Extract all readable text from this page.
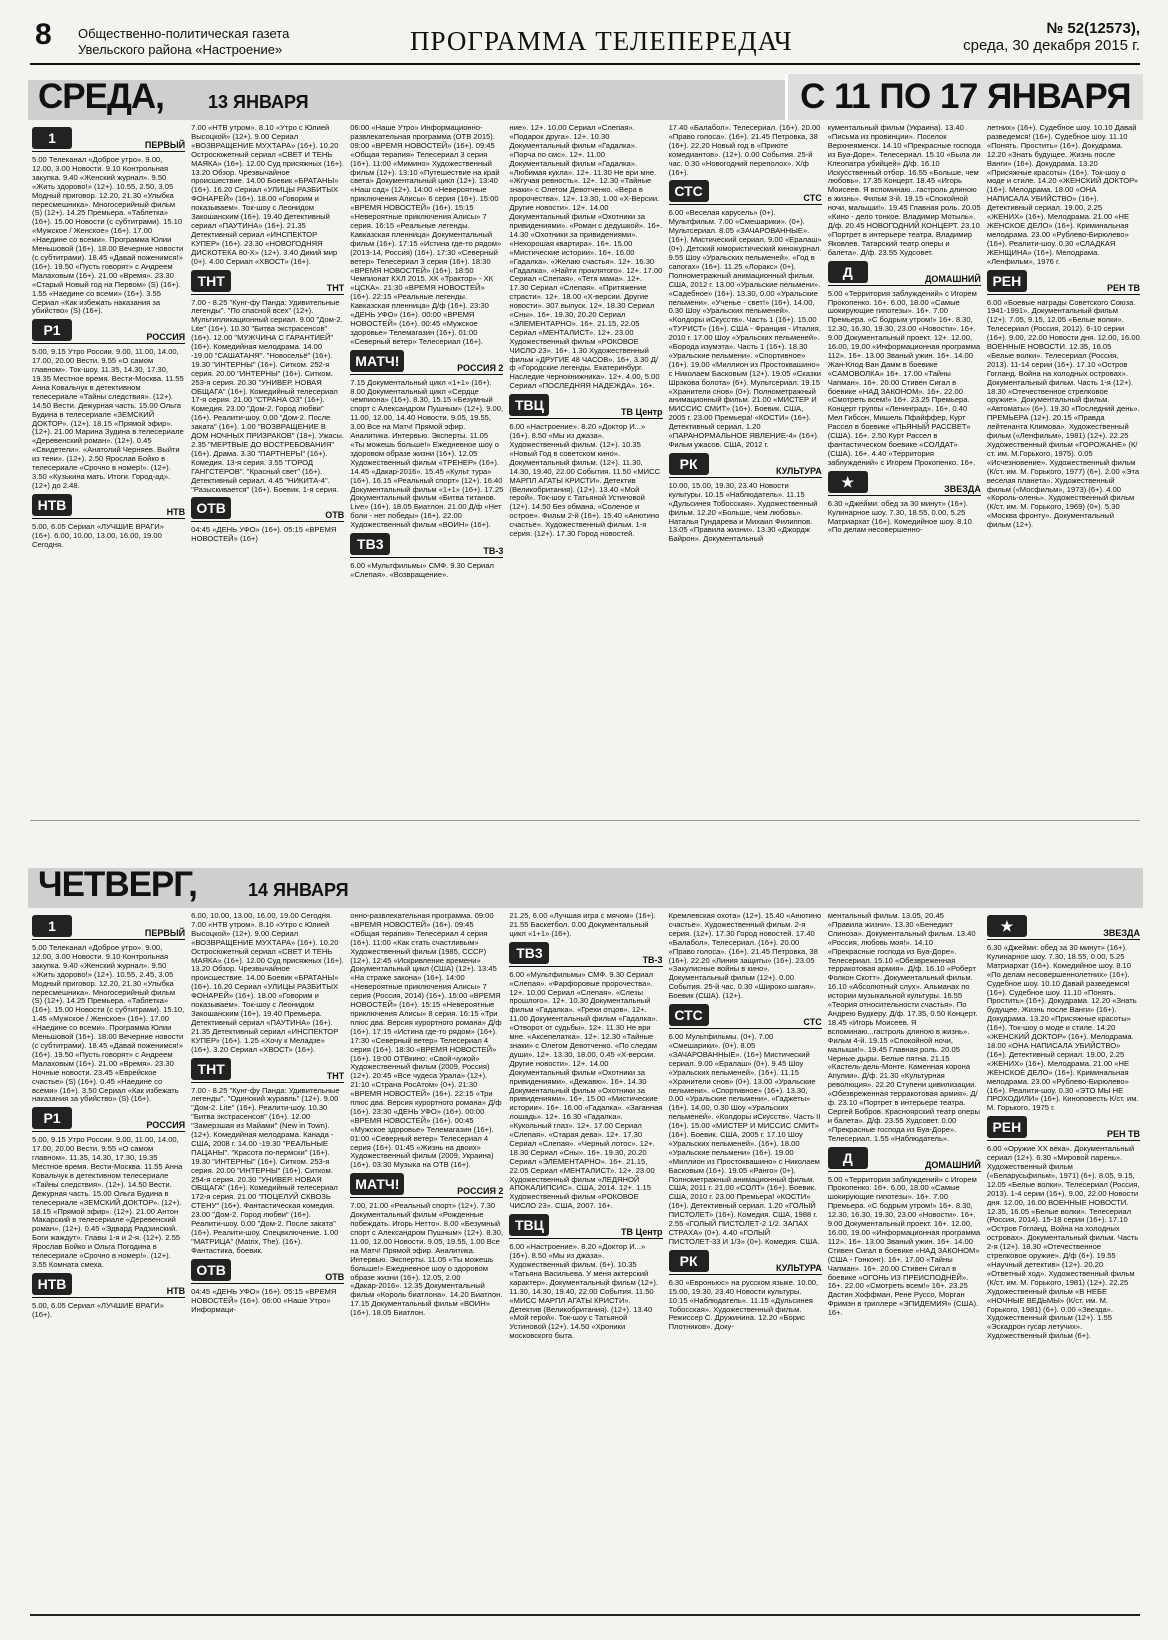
8 Общественно-политическая газета
Увельского района «Настроение»	ПРОГРАММА ТЕЛЕПЕРЕДАЧ	№ 52(12573),
среда, 30 декабря 2015 г.
СРЕДА, 13 ЯНВАРЯ	С 11 ПО 17 ЯНВАРЯ
1	ПЕРВЫЙ

5.00 Телеканал «Доброе утро». 9.00, 12.00, 3.00 Новости. 9.10 Контрольная закупка. 9.40 «Женский журнал». 9.50 «Жить здорово!» (12+). 10.55, 2.50, 3.05 Модный приговор. 12.20, 21.30 «Улыбка пересмешника». Многосерийный фильм (S) (12+). 14.25 Премьера. «Таблетка» (16+). 15.00 Новости (с субтитрами). 15.10 «Мужское / Женское» (16+). 17.00 «Наедине со всеми». Программа Юлии Меньшовой (16+). 18.00 Вечерние новости (с субтитрами). 18.45 «Давай поженимся!» (16+). 19.50 «Пусть говорят» с Андреем Малаховым (16+). 21.00 «Время». 23.30 «Старый Новый год на Первом» (S) (16+). 1.55 «Наедине со всеми» (16+). 3.55 Сериал «Как избежать наказания за убийство» (S) (16+).

Р1	РОССИЯ

5.00, 9.15 Утро России. 9.00, 11.00, 14.00, 17.00, 20.00 Вести. 9.55 «О самом главном». Ток-шоу. 11.35, 14.30, 17.30, 19.35 Местное время. Вести-Москва. 11.55 Анна Ковальчук в детективном телесериале «Тайны следствия». (12+). 14.50 Вести. Дежурная часть. 15.00 Ольга Будина в телесериале «ЗЕМСКИЙ ДОКТОР». (12+). 18.15 «Прямой эфир». (12+). 21.00 Марина Зудина в телесериале «Деревенский роман». (12+). 0.45 «Свидетели». «Анатолий Черняев. Выйти из тени». (12+). 2.50 Ярослав Бойко в телесериале «Срочно в номер!». (12+). 3.50 «Кузькина мать. Итоги. Город-ад». (12+) до 2.48.

НТВ	НТВ

5.00, 6.05 Сериал «ЛУЧШИЕ ВРАГИ» (16+). 6.00, 10.00, 13.00, 16.00, 19.00 Сегодня.

7.00 «НТВ утром». 8.10 «Утро с Юлией Высоцкой» (12+). 9.00 Сериал «ВОЗВРАЩЕНИЕ МУХТАРА» (16+). 10.20 Остросюжетный сериал «СВЕТ И ТЕНЬ МАЯКА» (16+). 12.00 Суд присяжных (16+). 13.20 Обзор. Чрезвычайное происшествие. 14.00 Боевик «БРАТАНЫ» (16+). 16.20 Сериал «УЛИЦЫ РАЗБИТЫХ ФОНАРЕЙ» (16+). 18.00 «Говорим и показываем». Ток-шоу с Леонидом Закошанским (16+). 19.40 Детективный сериал «ПАУТИНА» (16+). 21.35 Детективный сериал «ИНСПЕКТОР КУПЕР» (16+). 23.30 «НОВОГОДНЯЯ ДИСКОТЕКА 80-Х» (12+). 3.40 Дикий мир (0+). 4.00 Сериал «ХВОСТ» (16+).

ТНТ	ТНТ

7.00 - 8.25 "Кунг-фу Панда: Удивительные легенды". "По спасной всех" (12+). Мультипликационный сериал. 9.00 "Дом-2. Lite" (16+). 10.30 "Битва экстрасенсов" (16+). 12.00 "МУЖЧИНА С ГАРАНТИЕЙ" (16+). Комедийная мелодрама. 14.00 -19.00 "САШАТАНЯ". "Новосельё" (16+). 19.30 "ИНТЕРНЫ" (16+). Ситком. 252-я серия. 20.00 "ИНТЕРНЫ" (16+). Ситком. 253-я серия. 20.30 "УНИВЕР. НОВАЯ ОБЩАГА" (16+). Комедийный телесериал 17-я серия. 21.00 "СТРАНА ОЗ" (16+). Комедия. 23.00 "Дом-2. Город любви" (16+). Реалити-шоу. 0.00 "Дом-2. После заката" (16+). 1.00 "ВОЗВРАЩЕНИЕ В ДОМ НОЧНЫХ ПРИЗРАКОВ" (18+). Ужасы. 2.35 "МЕРТВЫЕ ДО ВОСТРЕБОВАНИЯ" (16+). Драма. 3.30 "ПАРТНЕРЫ" (16+). Комедия. 13-я серия. 3.55 "ГОРОД ГАНГСТЕРОВ". "Красный свет" (16+). Детективный сериал. 4.45 "НИКИТА-4". "Разыскивается" (16+). Боевик. 1-я серия.

ОТВ	ОТВ

04:45 «ДЕНЬ УФО» (16+). 05:15 «ВРЕМЯ НОВОСТЕЙ» (16+)

06:00 «Наше Утро» Информационно-развлекательная программа (ОТВ 2015). 09:00 «ВРЕМЯ НОВОСТЕЙ» (16+). 09:45 «Общая терапия» Телесериал 3 серия (16+). 11:00 «Мимино» Художественный фильм (12+). 13:10 «Путешествие на край света» Документальный цикл (12+). 13:40 «Наш сад» (12+). 14:00 «Невероятные приключения Алисы» 6 серия (16+). 15:00 «ВРЕМЯ НОВОСТЕЙ» (16+). 15:15 «Невероятные приключения Алисы» 7 серия. 16:15 «Реальные легенды. Кавказская пленница» Документальный фильм (16+). 17:15 «Истина где-то рядом» (2013-14, Россия) (16+). 17:30 «Северный ветер» Телесериал 3 серия (16+). 18:30 «ВРЕМЯ НОВОСТЕЙ» (16+). 18:50 Чемпионат КХЛ 2015. ХК «Трактор» - ХК «ЦСКА». 21:30 «ВРЕМЯ НОВОСТЕЙ» (16+). 22:15 «Реальные легенды. Кавказская пленница» Д/ф (16+). 23:30 «ДЕНЬ УФО» (16+). 00:00 «ВРЕМЯ НОВОСТЕЙ» (16+). 00:45 «Мужское здоровье» Телемагазин (16+). 01:00 «Северный ветер» Телесериал (16+).

МАТЧ!	РОССИЯ 2

7.15 Документальный цикл «1+1» (16+). 8.00 Документальный цикл «Сердце чемпиона» (16+). 8.30, 15.15 «Безумный спорт с Александром Пушным» (12+). 9.00, 11.00, 12.00, 14.40 Новости. 9.05, 19.55, 3.00 Все на Матч! Прямой эфир. Аналитика. Интервью. Эксперты. 11.05 «Ты можешь больше!» Ежедневное шоу о здоровом образе жизни (16+). 12.05 Художественный фильм «ТРЕНЕР» (16+). 14.45 «Дакар-2016». 15.45 «Культ тура» (16+). 16.15 «Реальный спорт» (12+). 16.40 Документальный фильм «1+1» (16+). 17.25 Документальный фильм «Битва титанов. Live» (16+). 18.05 Биатлон. 21.00 Д/ф «Нет боли - нет победы» (16+). 22.00 Художественный фильм «ВОИН» (16+).

ТВ3	ТВ-3

6.00 «Мультфильмы» СМФ. 9.30 Сериал «Слепая». «Возвращение».

ние». 12+. 10.00 Сериал «Слепая». «Подарок друга». 12+. 10.30 Документальный фильм «Гадалка». «Порча по смс». 12+. 11.00 Документальный фильм «Гадалка». «Любимая кукла». 12+. 11.30 Не ври мне. «Жгучая ревность». 12+. 12.30 «Тайные знаки» с Олегом Девотченко. «Вера в пророчества». 12+. 13.30, 1.00 «Х-Версии. Другие новости». 12+. 14.00 Документальный фильм «Охотники за привидениями». «Роман с дедушкой». 16+. 14.30 «Охотники за привидениями». «Нехорошая квартира». 16+. 15.00 «Мистические истории». 16+. 16.00 «Гадалка». «Желаю счастья». 12+. 16.30 «Гадалка». «Найти проклятого». 12+. 17.00 Сериал «Слепая». «Тетя мама». 12+. 17.30 Сериал «Слепая». «Притяжение страсти». 12+. 18.00 «Х-версии. Другие новости». 307 выпуск. 12+. 18.30 Сериал «Сны». 16+. 19.30, 20.20 Сериал «ЭЛЕМЕНТАРНО». 16+. 21.15, 22.05 Сериал «МЕНТАЛИСТ». 12+. 23.00 Художественный фильм «РОКОВОЕ ЧИСЛО 23». 16+. 1.30 Художественный фильм «ДРУГИЕ 48 ЧАСОВ». 16+. 3.30 Д/ф «Городские легенды. Екатеринбург. Наследие чернокнижника». 12+. 4.00, 5.00 Сериал «ПОСЛЕДНЯЯ НАДЕЖДА». 16+.

ТВЦ	ТВ Центр

6.00 «Настроение». 8.20 «Доктор И...» (16+). 8.50 «Мы из джаза». Художественный фильм. (12+). 10.35 «Новый Год в советском кино». Документальный фильм. (12+). 11.30, 14.30, 19.40, 22.00 События. 11.50 «МИСС МАРПЛ АГАТЫ КРИСТИ». Детектив (Великобритания). (12+). 13.40 «Мой герой». Ток-шоу с Татьяной Устиновой (12+). 14.50 Без обмана. «Соленое и острое». Фильм 2-й (16+). 15.40 «Анютино счастье». Художественный фильм. 1-я серия. (12+). 17.30 Город новостей.

17.40 «Балабол». Телесериал. (16+). 20.00 «Право голоса». (16+). 21.45 Петровка, 38 (16+). 22.20 Новый год в «Приюте комедиантов». (12+). 0.00 События. 25-й час. 0.30 «Новогодний переполох». Х/ф (16+).

СТС	СТС

6.00 «Веселая карусель» (0+). Мультфильм. 7.00 «Смешарики». (0+). Мультсериал. 8.05 «ЗАЧАРОВАННЫЕ». (16+). Мистический сериал. 9.00 «Ералаш» (0+). Детский юмористический киножурнал. 9.55 Шоу «Уральских пельменей». «Год в сапогах» (16+). 11.25 «Лоракс» (0+). Полнометражный анимационный фильм. США, 2012 г. 13.00 «Уральские пельмени». «Садебное» (16+). 13.30, 0.00 «Уральские пельмени». «Ученье - свет!» (16+). 14.00, 0.30 Шоу «Уральских пельменей». «Колдоры иСкусств». Часть 1 (16+). 15.00 «ТУРИСТ» (16+). США - Франция - Италия, 2010 г. 17.00 Шоу «Уральских пельменей». «Борода изумэта». Часть 1 (16+). 18.30 «Уральские пельмени». «Спортивное» (16+). 19.00 «Миллион из Простоквашино» с Николаем Басковым (12+). 19.05 «Сказки Шрэкова болота» (6+). Мультсериал. 19.15 «Хранители снов» (0+). Полнометражный анимационный фильм. 21.00 «МИСТЕР И МИССИС СМИТ» (16+). Боевик. США, 2005 г. 23.00 Премьера! «КОСТИ» (16+). Детективный сериал. 1.20 «ПАРАНОРМАЛЬНОЕ ЯВЛЕНИЕ-4» (16+). Фильм ужасов. США, 2012 г.

РК	КУЛЬТУРА

10.00, 15.00, 19.30, 23.40 Новости культуры. 10.15 «Наблюдатель». 11.15 «Дульсинея Тобосская». Художественный фильм. 12.20 «Больше, чем любовь». Наталья Гундарева и Михаил Филиппов. 13.05 «Правила жизни». 13.30 «Джордж Байрон». Документальный

кументальный фильм (Украина). 13.40 «Письма из провинции». Поселок Верхнеяменск. 14.10 «Прекрасные господа из Буа-Доре». Телесериал. 15.10 «Была ли Клеопатра убийцей» Д/ф. 16.10 Искусственный отбор. 16.55 «Больше, чем любовь». 17.35 Концерт. 18.45 «Игорь Моисеев. Я вспоминаю...гастроль длиною в жизнь». Фильм 3-й. 19.15 «Спокойной ночи, малыши!». 19.45 Главная роль. 20.05 «Кино - дело тонкое. Владимир Мотыль». Д/ф. 20.45 НОВОГОДНИЙ КОНЦЕРТ. 23.10 «Портрет в интерьере театра. Владимир Яковлев. Татарский театр оперы и балета». Д/ф. 23.55 Худсовет.

Д	ДОМАШНИЙ

5.00 «Территория заблуждений» с Игорем Прокопенко. 16+. 6.00, 18.00 «Самые шокирующие гипотезы». 16+. 7.00 Премьера. «С бодрым утром!» 16+. 8.30, 12.30, 16.30, 19.30, 23.00 «Новости». 16+. 9.00 Документальный проект. 12+. 12.00, 16.00, 19.00 «Информационная программа 112». 16+. 13.00 Званый ужин. 16+. 14.00 Жан-Клод Ван Дамм в боевике «САМОВОЛКА» 16+. 17.00 «Тайны Чапман». 16+. 20.00 Стивен Сигал в боевике «НАД ЗАКОНОМ». 16+. 22.00 «Смотреть всем!» 16+. 23.25 Премьера. Концерт группы «Ленинград». 16+. 0.40 Мел Гибсон, Мишель Пфайффер, Курт Рассел в боевике «ПЬЯНЫЙ РАССВЕТ» (США). 16+. 2.50 Курт Рассел в фантастическом боевике «СОЛДАТ» (США). 16+. 4.40 «Территория заблуждений» с Игорем Прокопенко. 16+.

★	ЗВЕЗДА

6.30 «Джейми: обед за 30 минут» (16+). Кулинарное шоу. 7.30, 18.55, 0.00, 5.25 Матриархат (16+). Комедийное шоу. 8.10 «По делам несовершенно-

летних» (16+). Судебное шоу. 10.10 Давай разведемся! (16+). Судебное шоу. 11.10 «Понять. Простить» (16+). Докудрама. 12.20 «Знать будущее. Жизнь после Ванги» (16+). Докудрама. 13.20 «Присяжные красоты» (16+). Ток-шоу о моде и стиле. 14.20 «ЖЕНСКИЙ ДОКТОР» (16+). Мелодрама. 18.00 «ОНА НАПИСАЛА УБИЙСТВО» (16+). Детективный сериал. 19.00, 2.25 «ЖЕНИХ» (16+). Мелодрама. 21.00 «НЕ ЖЕНСКОЕ ДЕЛО» (16+). Криминальная мелодрама. 23.00 «Рублево-Бирюлево» (16+). Реалити-шоу. 0.30 «СЛАДКАЯ ЖЕНЩИНА» (16+). Мелодрама. «Ленфильм», 1976 г.

РЕН	РЕН ТВ

6.00 «Боевые награды Советского Союза. 1941-1991». Документальный фильм (12+). 7.05, 9.15, 12.05 «Белые волки». Телесериал (Россия, 2012). 6-10 серии (16+). 9.00, 22.00 Новости дня. 12.00, 16.00 ВОЕННЫЕ НОВОСТИ. 12.35, 16.05 «Белые волки». Телесериал (Россия, 2013). 11-14 серии (16+). 17.10 «Остров Гогланд. Война на холодных островах». Документальный фильм. Часть 1-я (12+). 18.30 «Отечественное стрелковое оружие». Документальный фильм. «Автоматы» (6+). 19.30 «Последний день». ПРЕМЬЕРА (12+). 20.15 «Правда лейтенанта Климова». Художественный фильм («Ленфильм», 1981) (12+). 22.25 Художественный фильм «ГОРОЖАНЕ» (К/ст. им. М.Горького, 1975). 0.05 «Исчезновение». Художественный фильм (К/ст. им. М. Горького, 1977) (6+). 2.00 «Эта веселая планета». Художественный фильм («Мосфильм», 1973) (6+). 4.00 «Король-олень». Художественный фильм (К/ст. им. М. Горького, 1969) (0+). 5.30 «Москва фронту». Документальный фильм (12+).

ЧЕТВЕРГ,	14 ЯНВАРЯ
1	ПЕРВЫЙ

5.00 Телеканал «Доброе утро». 9.00, 12.00, 3.00 Новости. 9.10 Контрольная закупка. 9.40 «Женский журнал». 9.50 «Жить здорово!» (12+). 10.55, 2.45, 3.05 Модный приговор. 12.20, 21.30 «Улыбка пересмешника». Многосерийный фильм (S) (12+). 14.25 Премьера. «Таблетка» (16+). 15.00 Новости (с субтитрами). 15.10, 1.45 «Мужское / Женское» (16+). 17.00 «Наедине со всеми». Программа Юлии Меньшовой (16+). 18.00 Вечерние новости (с субтитрами). 18.45 «Давай поженимся!» (16+). 19.50 «Пусть говорят» с Андреем Малаховым (16+). 21.00 «Время». 23.30 Ночные новости. 23.45 «Еврейское счастье» (S) (16+). 0.45 «Наедине со всеми» (16+). 3.50 Сериал «Как избежать наказания за убийство» (S) (16+).

Р1	РОССИЯ

5.00, 9.15 Утро России. 9.00, 11.00, 14.00, 17.00, 20.00 Вести. 9.55 «О самом главном». 11.35, 14.30, 17.30, 19.35 Местное время. Вести-Москва. 11.55 Анна Ковальчук в детективном телесериале «Тайны следствия». (12+). 14.50 Вести. Дежурная часть. 15.00 Ольга Будина в телесериале «ЗЕМСКИЙ ДОКТОР». (12+). 18.15 «Прямой эфир». (12+). 21.00 Антон Макарский в телесериале «Деревенский роман». (12+). 0.45 «Эдвард Радзинский. Боги жаждут». Главы 1-я и 2-я. (12+). 2.55 Ярослав Бойко и Ольга Погодина в телесериале «Срочно в номер!». (12+). 3.55 Комната смеха.

НТВ	НТВ

5.00, 6.05 Сериал «ЛУЧШИЕ ВРАГИ» (16+).

6.00, 10.00, 13.00, 16.00, 19.00 Сегодня. 7.00 «НТВ утром». 8.10 «Утро с Юлией Высоцкой» (12+). 9.00 Сериал «ВОЗВРАЩЕНИЕ МУХТАРА» (16+). 10.20 Остросюжетный сериал «СВЕТ И ТЕНЬ МАЯКА» (16+). 12.00 Суд присяжных (16+). 13.20 Обзор. Чрезвычайное происшествие. 14.00 Боевик «БРАТАНЫ» (16+). 16.20 Сериал «УЛИЦЫ РАЗБИТЫХ ФОНАРЕЙ» (16+). 18.00 «Говорим и показываем». Ток-шоу с Леонидом Закошанским (16+). 19.40 Премьера. Детективный сериал «ПАУТИНА» (16+). 21.35 Детективный сериал «ИНСПЕКТОР КУПЕР» (16+). 1.25 «Хочу к Меладзе» (16+). 3.20 Сериал «ХВОСТ» (16+).

ТНТ	ТНТ

7.00 - 8.25 "Кунг-фу Панда: Удивительные легенды". "Одинокий журавль" (12+). 9.00 "Дом-2. Lite" (16+). Реалити-шоу. 10.30 "Битва экстрасенсов" (16+). 12.00 "Замерзшая из Майами" (New in Town). (12+). Комедийная мелодрама. Канада - США, 2008 г. 14.00 -19.30 "РЕАЛЬНЫЕ ПАЦАНЫ". "Красота по-пермски" (16+). 19.30 "ИНТЕРНЫ" (16+). Ситком. 253-я серия. 20.00 "ИНТЕРНЫ" (16+). Ситком. 254-я серия. 20.30 "УНИВЕР. НОВАЯ ОБЩАГА" (16+). Комедийный телесериал 172-я серия. 21.00 "ПОЦЕЛУЙ СКВОЗЬ СТЕНУ" (16+). Фантастическая комедия. 23.00 "Дом-2. Город любви" (16+). Реалити-шоу. 0.00 "Дом-2. После заката" (16+). Реалити-шоу. Спецвключение. 1.00 "МАТРИЦА" (Matrix, The). (16+). Фантастика, боевик.

ОТВ	ОТВ

04:45 «ДЕНЬ УФО» (16+). 05:15 «ВРЕМЯ НОВОСТЕЙ» (16+). 06:00 «Наше Утро» Информаци-

онно-развлекательная программа. 09:00 «ВРЕМЯ НОВОСТЕЙ» (16+). 09:45 «Общая терапия» Телесериал 4 серия (16+). 11:00 «Как стать счастливым» Художественный фильм (1985, СССР) (12+). 12:45 «Искривление времени» Документальный цикл (США) (12+). 13:45 «На страже закона» (16+). 14:00 «Невероятные приключения Алисы» 7 серия (Россия, 2014) (16+). 15:00 «ВРЕМЯ НОВОСТЕЙ» (16+). 15:15 «Невероятные приключения Алисы» 8 серия. 16:15 «Три плюс два. Версия курортного романа» Д/ф (16+). 17:15 «Истина где-то рядом» (16+). 17:30 «Северный ветер» Телесериал 4 серия (16+). 18:30 «ВРЕМЯ НОВОСТЕЙ» (16+). 19:00 ОТВкино: «Свой-чужой» Художественный фильм (2009, Россия) (12+). 20:45 «Все чудеса Урала» (12+). 21:10 «Страна РосАтом» (0+). 21:30 «ВРЕМЯ НОВОСТЕЙ» (16+). 22:15 «Три плюс два. Версия курортного романа» Д/ф (16+). 23:30 «ДЕНЬ УФО» (16+). 00:00 «ВРЕМЯ НОВОСТЕЙ» (16+). 00:45 «Мужское здоровье» Телемагазин (16+). 01:00 «Северный ветер» Телесериал 4 серия (16+). 01:45 «Жизнь на двоих» Художественный фильм (2009, Украина) (16+). 03:30 Музыка на ОТВ (16+).

МАТЧ!	РОССИЯ 2

7.00, 21.00 «Реальный спорт» (12+). 7.30 Документальный фильм «Рожденные побеждать. Игорь Нетто». 8.00 «Безумный спорт с Александром Пушным» (12+). 8.30, 11.00, 12.00 Новости. 9.05, 19.55, 1.00 Все на Матч! Прямой эфир. Аналитика. Интервью. Эксперты. 11.05 «Ты можешь больше!» Ежедневное шоу о здоровом образе жизни (16+). 12.05, 2.00 «Дакар-2016». 12.35 Документальный фильм «Король биатлона». 14.20 Биатлон. 17.15 Документальный фильм «ВОИН» (16+). 18.05 Биатлон.

21.25, 6.00 «Лучшая игра с мячом» (16+). 21.55 Баскетбол. 0.00 Документальный цикл «1+1» (16+).

ТВ3	ТВ-3

6.00 «Мультфильмы» СМФ. 9.30 Сериал «Слепая». «Фарфоровые пророчества». 12+. 10.00 Сериал «Слепая». «Слезы прошлого». 12+. 10.30 Документальный фильм «Гадалка». «Грехи отцов». 12+. 11.00 Документальный фильм «Гадалка». «Отворот от судьбы». 12+. 11.30 Не ври мне. «Аксепелатка». 12+. 12.30 «Тайные знаки» с Олегом Девотченко. «По следам души». 12+. 13.30, 18.00, 0.45 «Х-версии. Другие новости». 12+. 14.00 Документальный фильм «Охотники за привидениями». «Дежавю». 16+. 14.30 Документальный фильм «Охотники за привидениями». 16+. 15.00 «Мистические истории». 16+. 16.00 «Гадалка». «Заганная лошадь». 12+. 16.30 «Гадалка». «Кукольный глаз». 12+. 17.00 Сериал «Слепая». «Старая дева». 12+. 17.30 Сериал «Слепая». «Черный лотос». 12+. 18.30 Сериал «Сны». 16+. 19.30, 20.20 Сериал «ЭЛЕМЕНТАРНО». 16+. 21.15, 22.05 Сериал «МЕНТАЛИСТ». 12+. 23.00 Художественный фильм «ЛЕДЯНОЙ АПОКАЛИПСИС». США, 2014. 12+. 1.15 Художественный фильм «РОКОВОЕ ЧИСЛО 23». США, 2007. 16+.

ТВЦ	ТВ Центр

6.00 «Настроение». 8.20 «Доктор И...» (16+). 8.50 «Мы из джаза». Художественный фильм. (6+). 10.35 «Татьяна Васильева. У меня актерский характер». Документальный фильм (12+). 11.30, 14.30, 19.40, 22.00 События. 11.50 «МИСС МАРПЛ АГАТЫ КРИСТИ». Детектив (Великобритания). (12+). 13.40 «Мой герой». Ток-шоу с Татьяной Устиновой (12+). 14.50 «Хроники московского быта.

Кремлевская охота» (12+). 15.40 «Анютино счастье». Художественный фильм. 2-я серия. (12+). 17.30 Город новостей. 17.40 «Балабол». Телесериал. (16+). 20.00 «Право голоса». (16+). 21.45 Петровка, 38 (16+). 22.20 «Линия защиты» (16+). 23.05 «Закулисные войны в кино». Документальный фильм (12+). 0.00 События. 25-й час. 0.30 «Широко шагая». Боевик (США). (12+).

СТС	СТС

6.00 Мультфильмы. (0+). 7.00 «Смешарики». (0+). 8.05 «ЗАЧАРОВАННЫЕ». (16+) Мистический сериал. 9.00 «Ералаш» (0+). 9.45 Шоу «Уральских пельменей». (16+). 11.15 «Хранители снов» (0+). 13.00 «Уральские пельмени». «Спортивное» (16+). 13.30, 0.00 «Уральские пельмени». «Гаджеты» (16+). 14.00, 0.30 Шоу «Уральских пельменей». «Колдоры иСкусств». Часть II (16+). 15.00 «МИСТЕР И МИССИС СМИТ» (16+). Боевик. США, 2005 г. 17.10 Шоу «Уральских пельменей». (16+). 18.00 «Уральские пельмени» (16+). 19.00 «Миллион из Простоквашино» с Николаем Басковым (16+). 19.05 «Ранго» (0+). Полнометражный анимационный фильм. США, 2011 г. 21.00 «СОЛТ» (16+). Боевик. США, 2010 г. 23.00 Премьера! «КОСТИ» (16+). Детективный сериал. 1.20 «ГОЛЫЙ ПИСТОЛЕТ» (16+). Комедия. США, 1988 г. 2.55 «ГОЛЫЙ ПИСТОЛЕТ-2 1/2. ЗАПАХ СТРАХА» (0+). 4.40 «ГОЛЫЙ ПИСТОЛЕТ-33 И 1/3» (0+). Комедия. США.

РК	КУЛЬТУРА

6.30 «Евроньюс» на русском языке. 10.00, 15.00, 19.30, 23.40 Новости культуры. 10.15 «Наблюдатель». 11.15 «Дульсинея Тобосская». Художественный фильм. Режиссер С. Дружинина. 12.20 «Борис Плотников». Доку-

ментальный фильм. 13.05, 20.45 «Правила жизни». 13.30 «Бенедикт Спиноза». Документальный фильм. 13.40 «Россия, любовь моя!». 14.10 «Прекрасные господа из Буа-Доре». Телесериал. 15.10 «Обезвреженная терракотовая армия». Д/ф. 16.10 «Роберт Фолкон Скотт». Документальный фильм. 16.10 «Абсолютный слух». Альманах по истории музыкальной культуры. 16.55 «Теория относительности счастья». По Андрею Будкеру. Д/ф. 17.35, 0.50 Концерт. 18.45 «Игорь Моисеев. Я вспоминаю...гастроль длиною в жизнь». Фильм 4-й. 19.15 «Спокойной ночи, малыши!». 19.45 Главная роль. 20.05 Черные дыры. Белые пятна. 21.15 «Кастель-дель-Монте. Каменная корона Апулии». Д/ф. 21.30 «Культурная революция». 22.20 Ступени цивилизации. «Обезвреженная терракотовая армия». Д/ф. 23.10 «Портрет в интерьере театра. Сергей Бобров. Красноярский театр оперы и балета». Д/ф. 23.55 Худсовет. 0.00 «Прекрасные господа из Буа-Доре». Телесериал. 1.55 «Наблюдатель».

Д	ДОМАШНИЙ

5.00 «Территория заблуждений» с Игорем Прокопенко. 16+. 6.00, 18.00 «Самые шокирующие гипотезы». 16+. 7.00 Премьера. «С бодрым утром!» 16+. 8.30, 12.30, 16.30, 19.30, 23.00 «Новости». 16+. 9.00 Документальный проект. 16+. 12.00, 16.00, 19.00 «Информационная программа 112». 16+. 13.00 Званый ужин. 16+. 14.00 Стивен Сигал в боевике «НАД ЗАКОНОМ» (США - Гонконг). 16+. 17.00 «Тайны Чапман». 16+. 20.00 Стивен Сигал в боевике «ОГОНЬ ИЗ ПРЕИСПОДНЕЙ». 16+. 22.00 «Смотреть всем!» 16+. 23.25 Дастин Хоффман, Рене Руссо, Морган Фримэн в триллере «ЭПИДЕМИЯ» (США). 16+.

★	ЗВЕЗДА

6.30 «Джейми: обед за 30 минут» (16+). Кулинарное шоу. 7.30, 18.55, 0.00, 5.25 Матриархат (16+). Комедийное шоу. 8.10 «По делам несовершеннолетних» (16+). Судебное шоу. 10.10 Давай разведемся! (16+). Судебное шоу. 11.10 «Понять. Простить» (16+). Докудрама. 12.20 «Знать будущее. Жизнь после Ванги» (16+). Докудрама. 13.20 «Присяжные красоты» (16+). Ток-шоу о моде и стиле. 14.20 «ЖЕНСКИЙ ДОКТОР» (16+). Мелодрама. 18.00 «ОНА НАПИСАЛА УБИЙСТВО» (16+). Детективный сериал. 19.00, 2.25 «ЖЕНИХ» (16+). Мелодрама. 21.00 «НЕ ЖЕНСКОЕ ДЕЛО» (16+). Криминальная мелодрама. 23.00 «Рублево-Бирюлево» (16+). Реалити-шоу. 0.30 «ЭТО МЫ НЕ ПРОХОДИЛИ» (16+). Киноповесть К/ст. им. М. Горького, 1975 г.

РЕН	РЕН ТВ

6.00 «Оружие ХХ века». Документальный сериал (12+). 6.30 «Мировой парень». Художественный фильм («Беларусьфильм», 1971) (6+). 8.05, 9.15, 12.05 «Белые волки». Телесериал (Россия, 2013). 1-4 серии (16+). 9.00, 22.00 Новости дня. 12.00, 16.00 ВОЕННЫЕ НОВОСТИ. 12.35, 16.05 «Белые волки». Телесериал (Россия, 2014). 15-18 серии (16+). 17.10 «Остров Гогланд. Война на холодных островах». Документальный фильм. Часть 2-я (12+). 18.30 «Отечественное стрелковое оружие». Д/ф (6+). 19.55 «Научный детектив» (12+). 20.20 «Ответный ход». Художественный фильм (К/ст. им. М. Горького, 1981) (12+). 22.25 Художественный фильм «В НЕБЕ «НОЧНЫЕ ВЕДЬМЫ» (К/ст. им. М. Горького, 1981) (6+). 0.00 «Звезда». Художественный фильм (12+). 1.55 «Эскадрон гусар летучих». Художественный фильм (6+).
